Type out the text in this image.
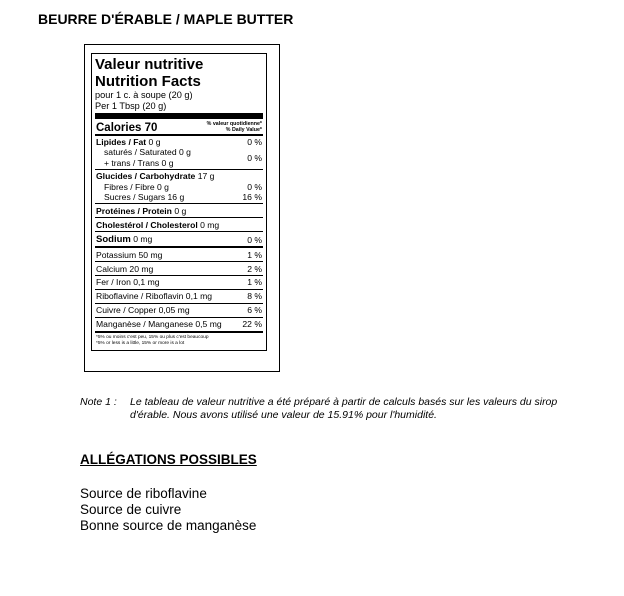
BEURRE D'ÉRABLE / MAPLE BUTTER
Valeur nutritive
Nutrition Facts
pour 1 c. à soupe (20 g)
Per 1 Tbsp (20 g)
Calories 70	% valeur quotidienne*
% Daily Value*
Lipides / Fat 0 g	0 %
saturés / Saturated 0 g
+ trans / Trans 0 g
0 %
Glucides / Carbohydrate 17 g
Fibres / Fibre 0 g	0 %
Sucres / Sugars 16 g	16 %
Protéines / Protein 0 g
Cholestérol / Cholesterol 0 mg
Sodium 0 mg	0 %
Potassium 50 mg	1 %
Calcium 20 mg	2 %
Fer / Iron 0,1 mg	1 %
Riboflavine / Riboflavin 0,1 mg	8 %
Cuivre / Copper 0,05 mg	6 %
Manganèse / Manganese 0,5 mg 22 %
*5% ou moins c'est peu, 15% ou plus c'est beaucoup
*5% or less is a little, 15% or more is a lot
Note 1 : Le tableau de valeur nutritive a été préparé à partir de calculs basés sur les valeurs du sirop d'érable. Nous avons utilisé une valeur de 15.91% pour l'humidité.
ALLÉGATIONS POSSIBLES
Source de riboflavine
Source de cuivre
Bonne source de manganèse
